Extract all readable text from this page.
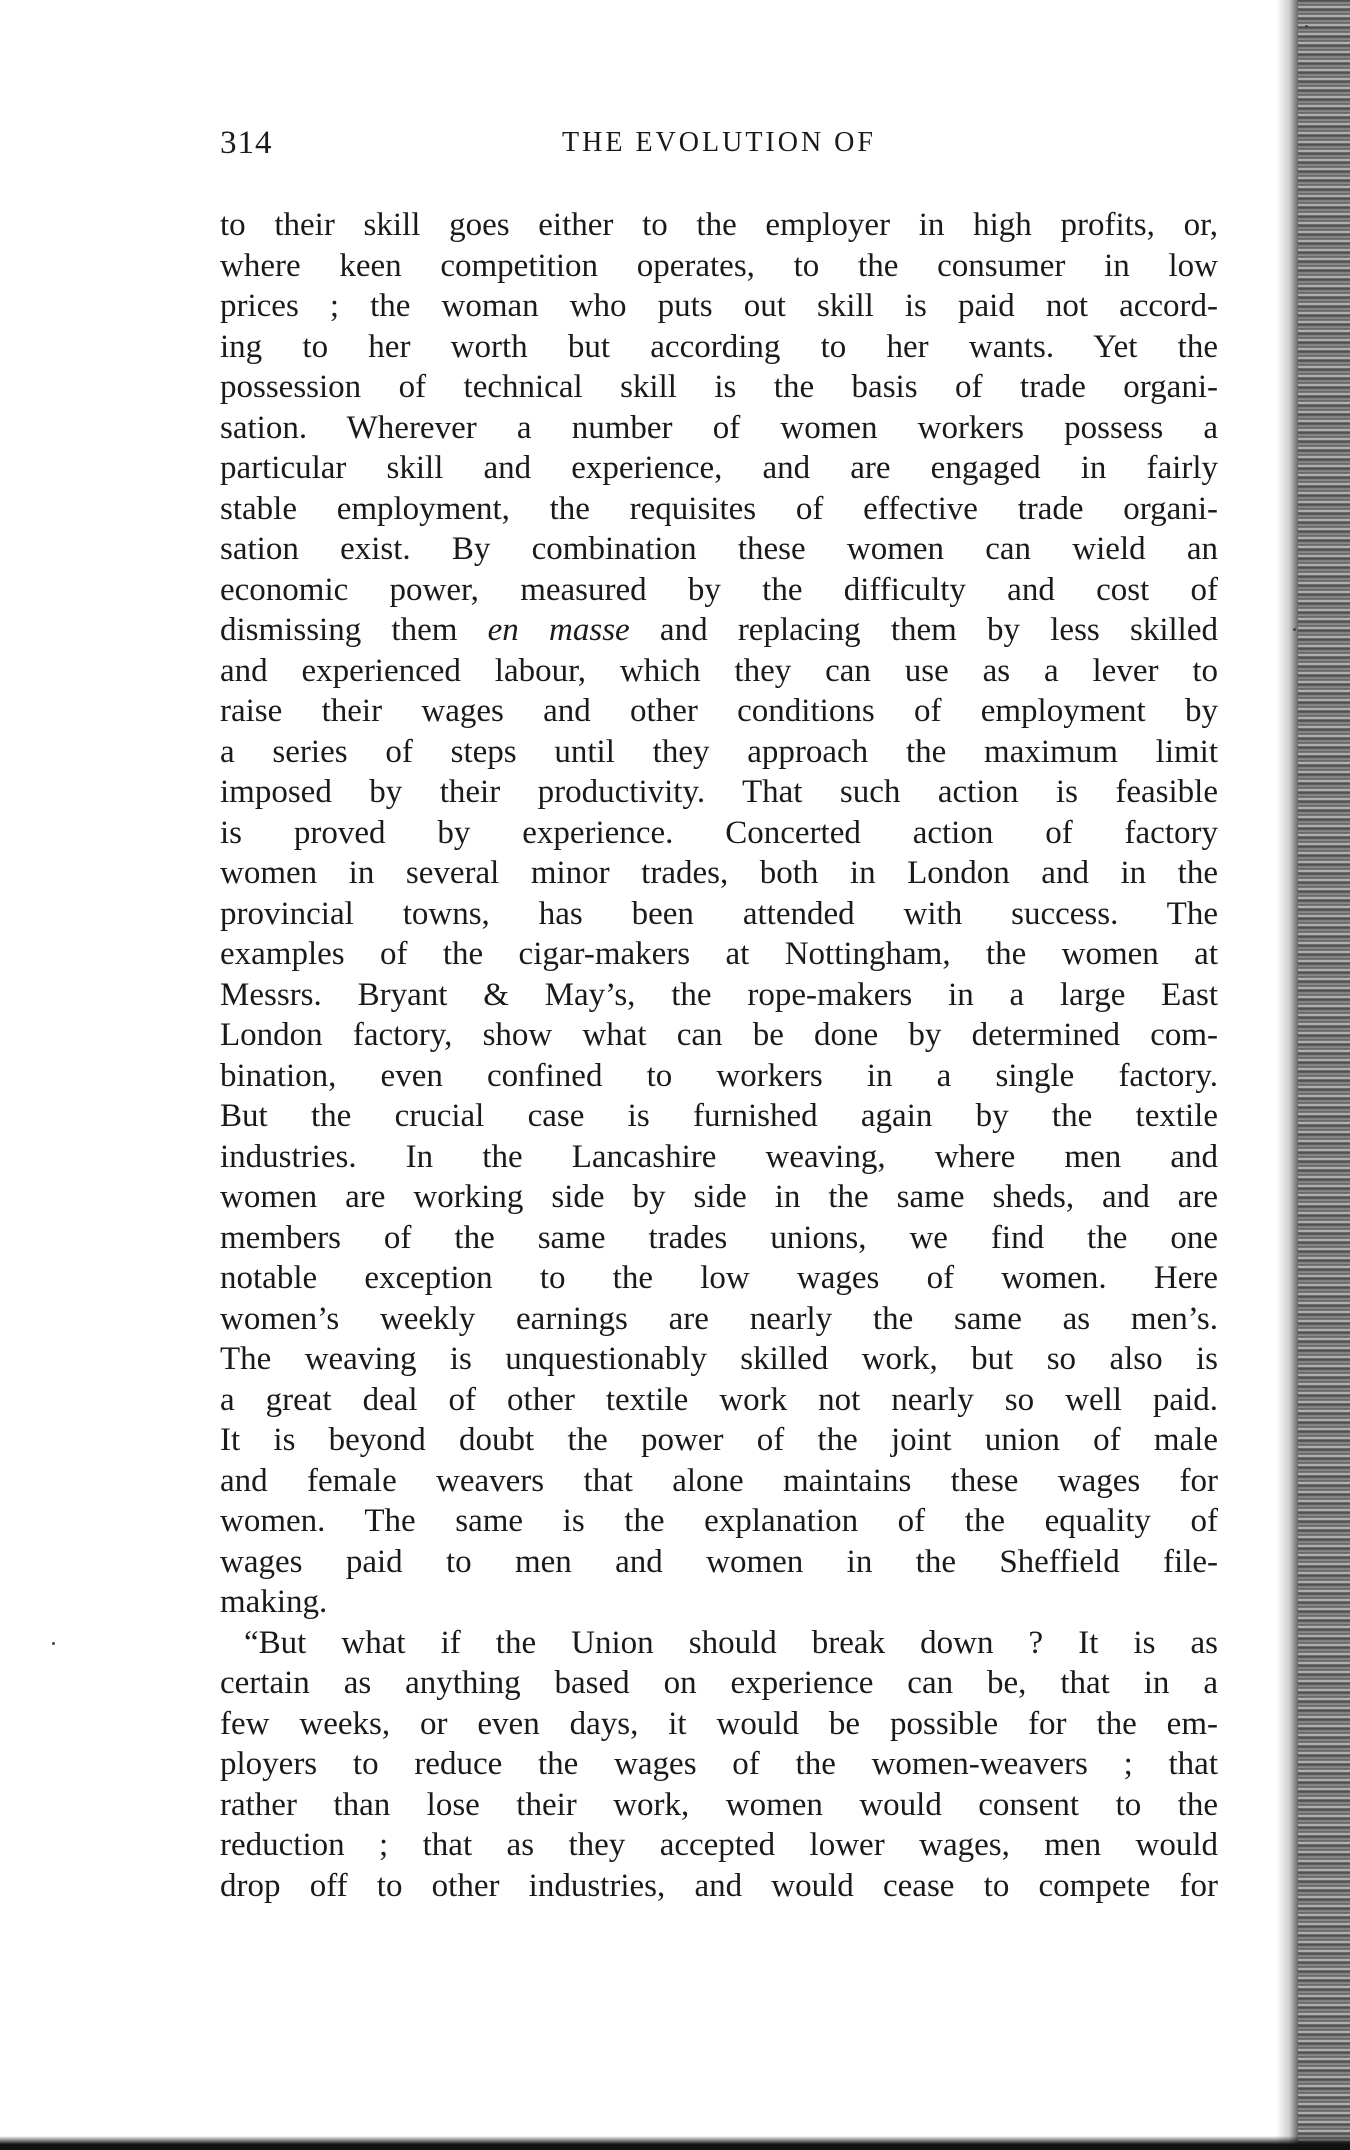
314	THE EVOLUTION OF
to their skill goes either to the employer in high profits, or,
where keen competition operates, to the consumer in low
prices ; the woman who puts out skill is paid not accord-
ing to her worth but according to her wants. Yet the
possession of technical skill is the basis of trade organi-
sation. Wherever a number of women workers possess a
particular skill and experience, and are engaged in fairly
stable employment, the requisites of effective trade organi-
sation exist. By combination these women can wield an
economic power, measured by the difficulty and cost of
dismissing them en masse and replacing them by less skilled
and experienced labour, which they can use as a lever to
raise their wages and other conditions of employment by
a series of steps until they approach the maximum limit
imposed by their productivity. That such action is feasible
is proved by experience. Concerted action of factory
women in several minor trades, both in London and in the
provincial towns, has been attended with success. The
examples of the cigar-makers at Nottingham, the women at
Messrs. Bryant & May’s, the rope-makers in a large East
London factory, show what can be done by determined com-
bination, even confined to workers in a single factory.
But the crucial case is furnished again by the textile
industries. In the Lancashire weaving, where men and
women are working side by side in the same sheds, and are
members of the same trades unions, we find the one
notable exception to the low wages of women. Here
women’s weekly earnings are nearly the same as men’s.
The weaving is unquestionably skilled work, but so also is
a great deal of other textile work not nearly so well paid.
It is beyond doubt the power of the joint union of male
and female weavers that alone maintains these wages for
women. The same is the explanation of the equality of
wages paid to men and women in the Sheffield file-
making.
“But what if the Union should break down ? It is as
certain as anything based on experience can be, that in a
few weeks, or even days, it would be possible for the em-
ployers to reduce the wages of the women-weavers ; that
rather than lose their work, women would consent to the
reduction ; that as they accepted lower wages, men would
drop off to other industries, and would cease to compete for
